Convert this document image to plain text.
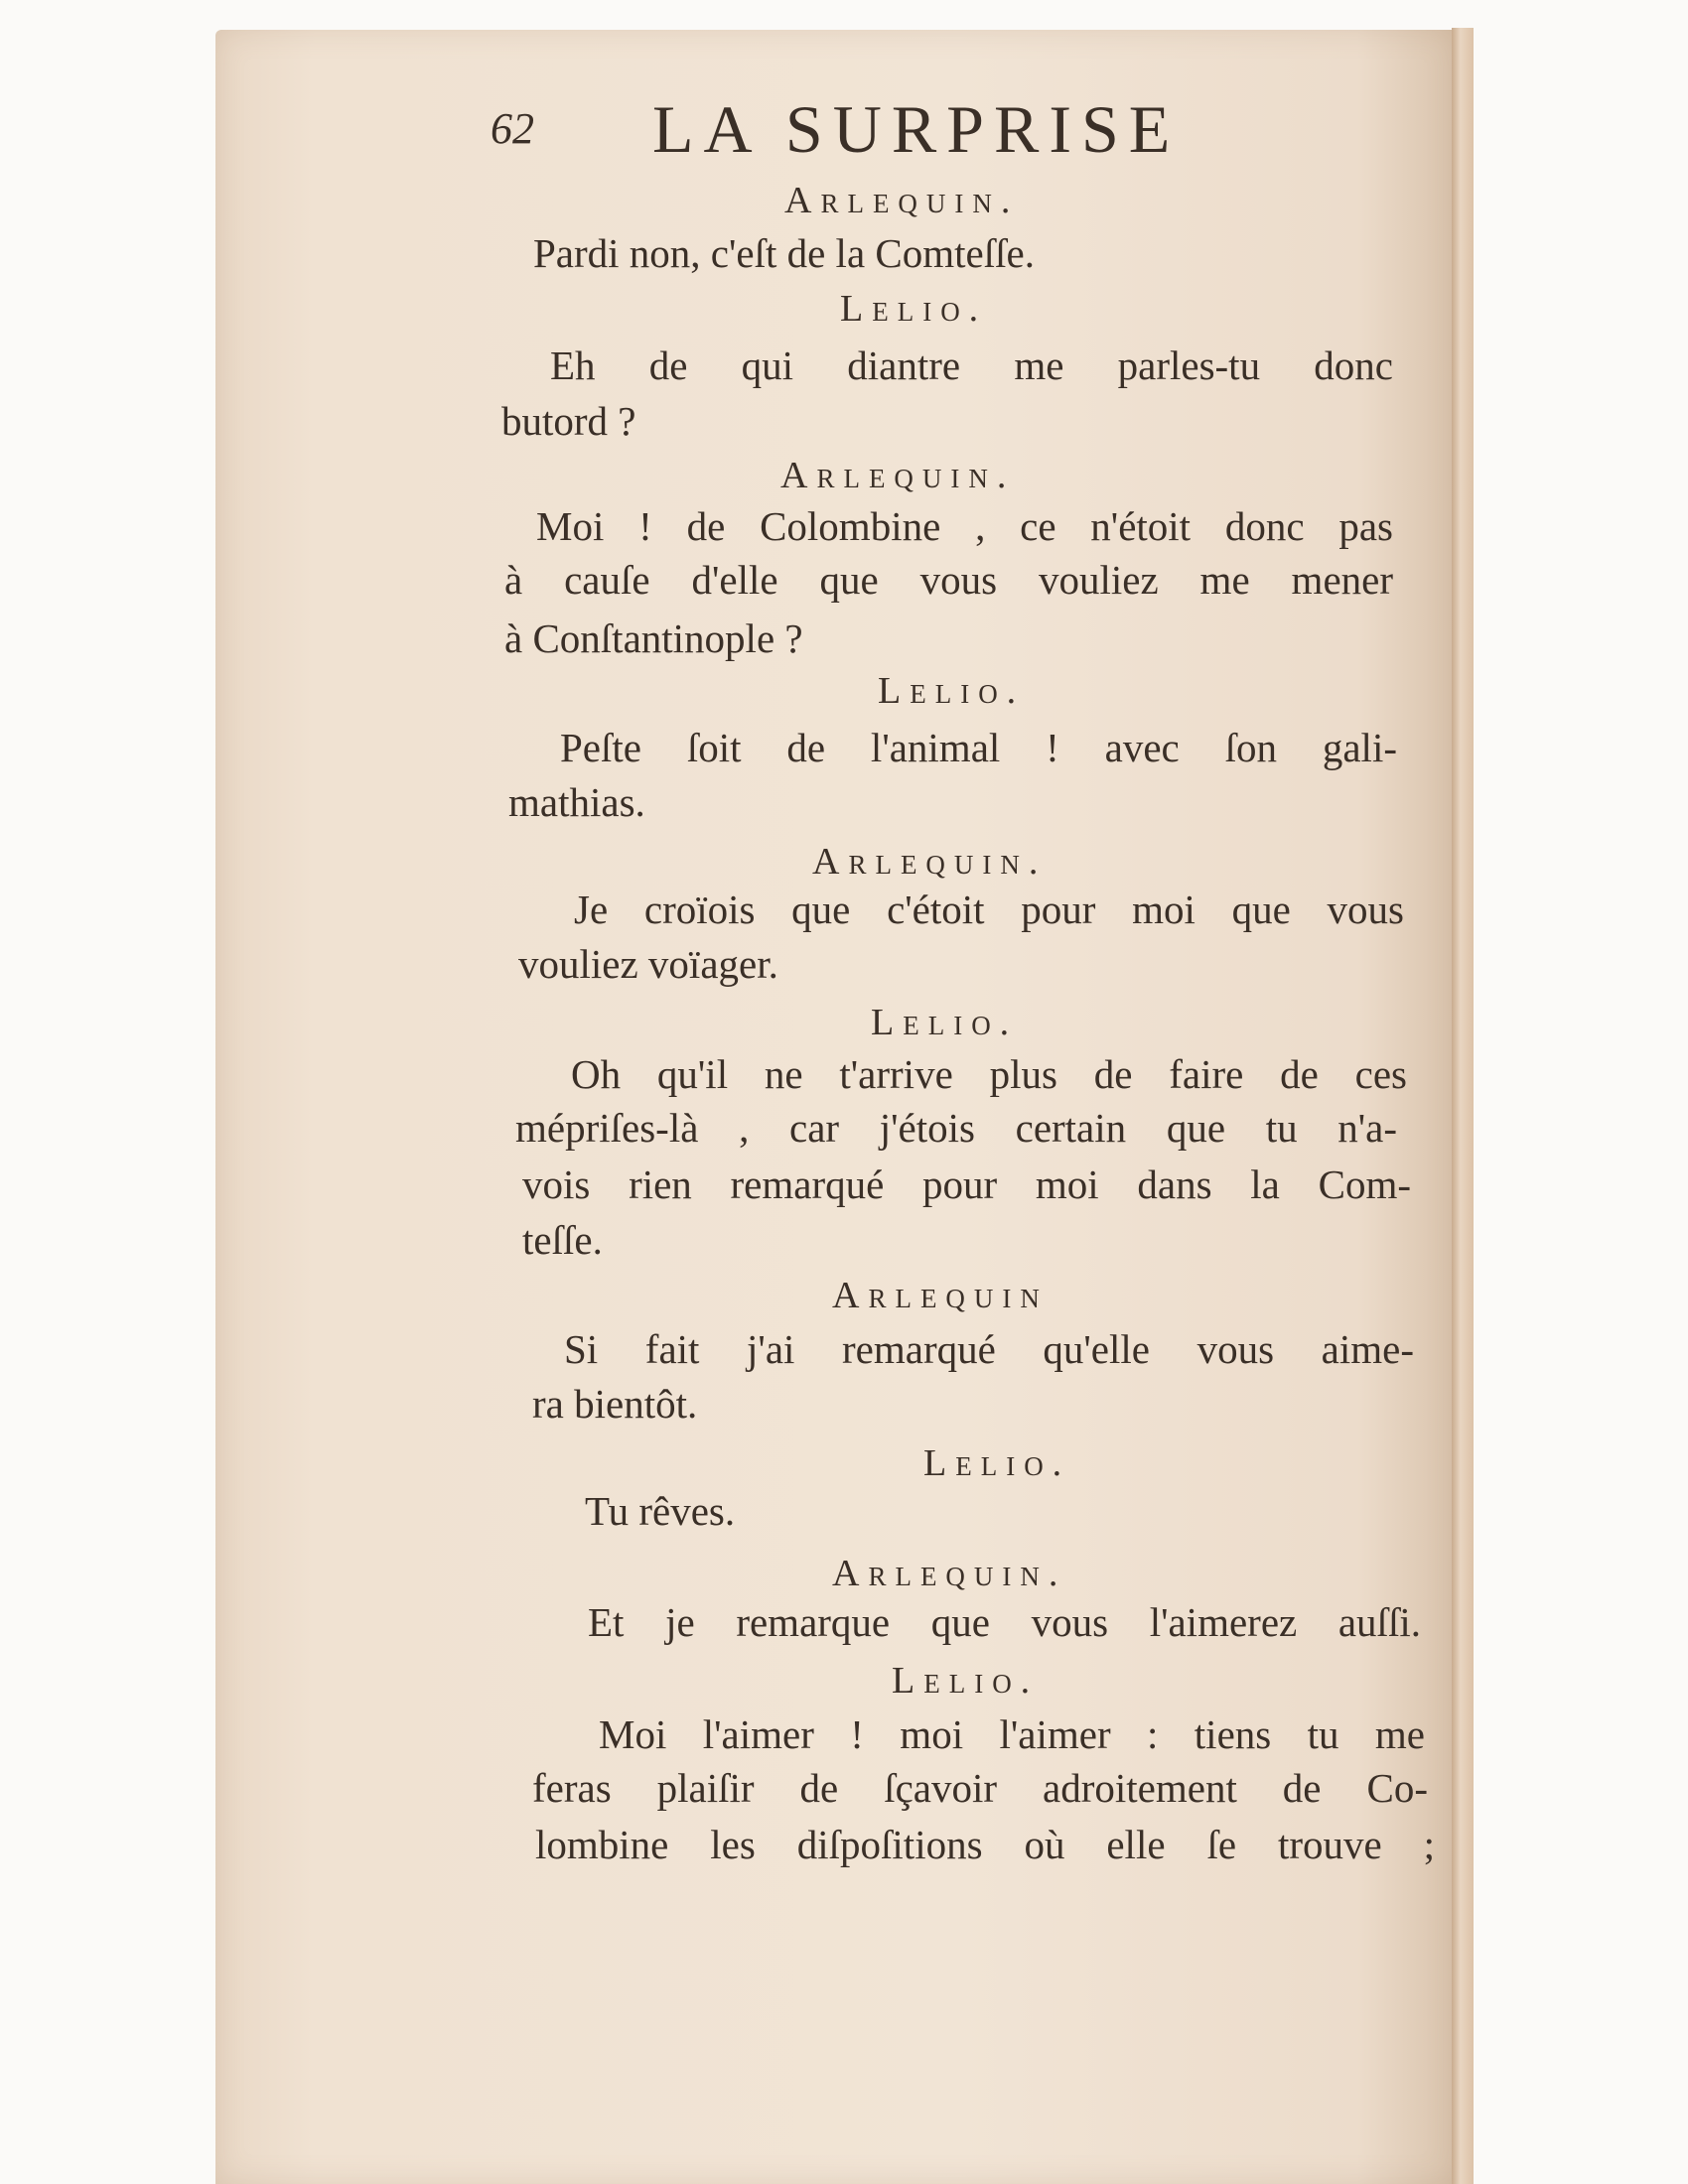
62 LA SURPRISE
Arlequin.
Pardi non, c'eſt de la Comteſſe.
Lelio.
Eh de qui diantre me parles-tu donc
butord ?
Arlequin.
Moi ! de Colombine , ce n'étoit donc pas
à cauſe d'elle que vous vouliez me mener
à Conſtantinople ?
Lelio.
Peſte ſoit de l'animal ! avec ſon gali-
mathias.
Arlequin.
Je croïois que c'étoit pour moi que vous
vouliez voïager.
Lelio.
Oh qu'il ne t'arrive plus de faire de ces
mépriſes-là , car j'étois certain que tu n'a-
vois rien remarqué pour moi dans la Com-
teſſe.
Arlequin
Si fait j'ai remarqué qu'elle vous aime-
ra bientôt.
Lelio.
Tu rêves.
Arlequin.
Et je remarque que vous l'aimerez auſſi.
Lelio.
Moi l'aimer ! moi l'aimer : tiens tu me
feras plaiſir de ſçavoir adroitement de Co-
lombine les diſpoſitions où elle ſe trouve ;
